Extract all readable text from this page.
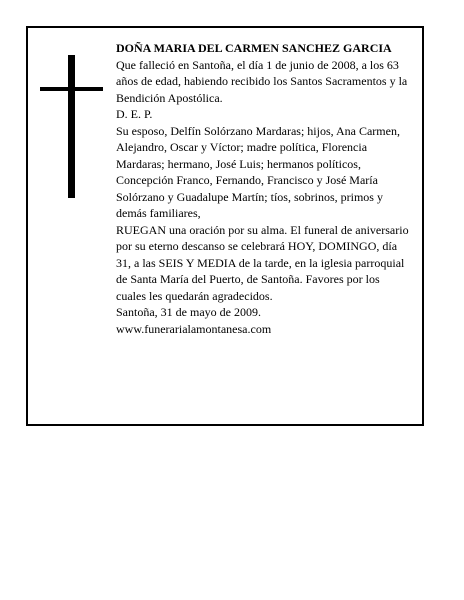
DOÑA MARIA DEL CARMEN SANCHEZ GARCIA

Que falleció en Santoña, el día 1 de junio de 2008, a los 63 años de edad, habiendo recibido los Santos Sacramentos y la Bendición Apostólica.

D. E. P.

Su esposo, Delfín Solórzano Mardaras; hijos, Ana Carmen, Alejandro, Oscar y Víctor; madre política, Florencia Mardaras; hermano, José Luis; hermanos políticos, Concepción Franco, Fernando, Francisco y José María Solórzano y Guadalupe Martín; tíos, sobrinos, primos y demás familiares,

RUEGAN una oración por su alma. El funeral de aniversario por su eterno descanso se celebrará HOY, DOMINGO, día 31, a las SEIS Y MEDIA de la tarde, en la iglesia parroquial de Santa María del Puerto, de Santoña. Favores por los cuales les quedarán agradecidos.

Santoña, 31 de mayo de 2009.

www.funerarialamontanesa.com
